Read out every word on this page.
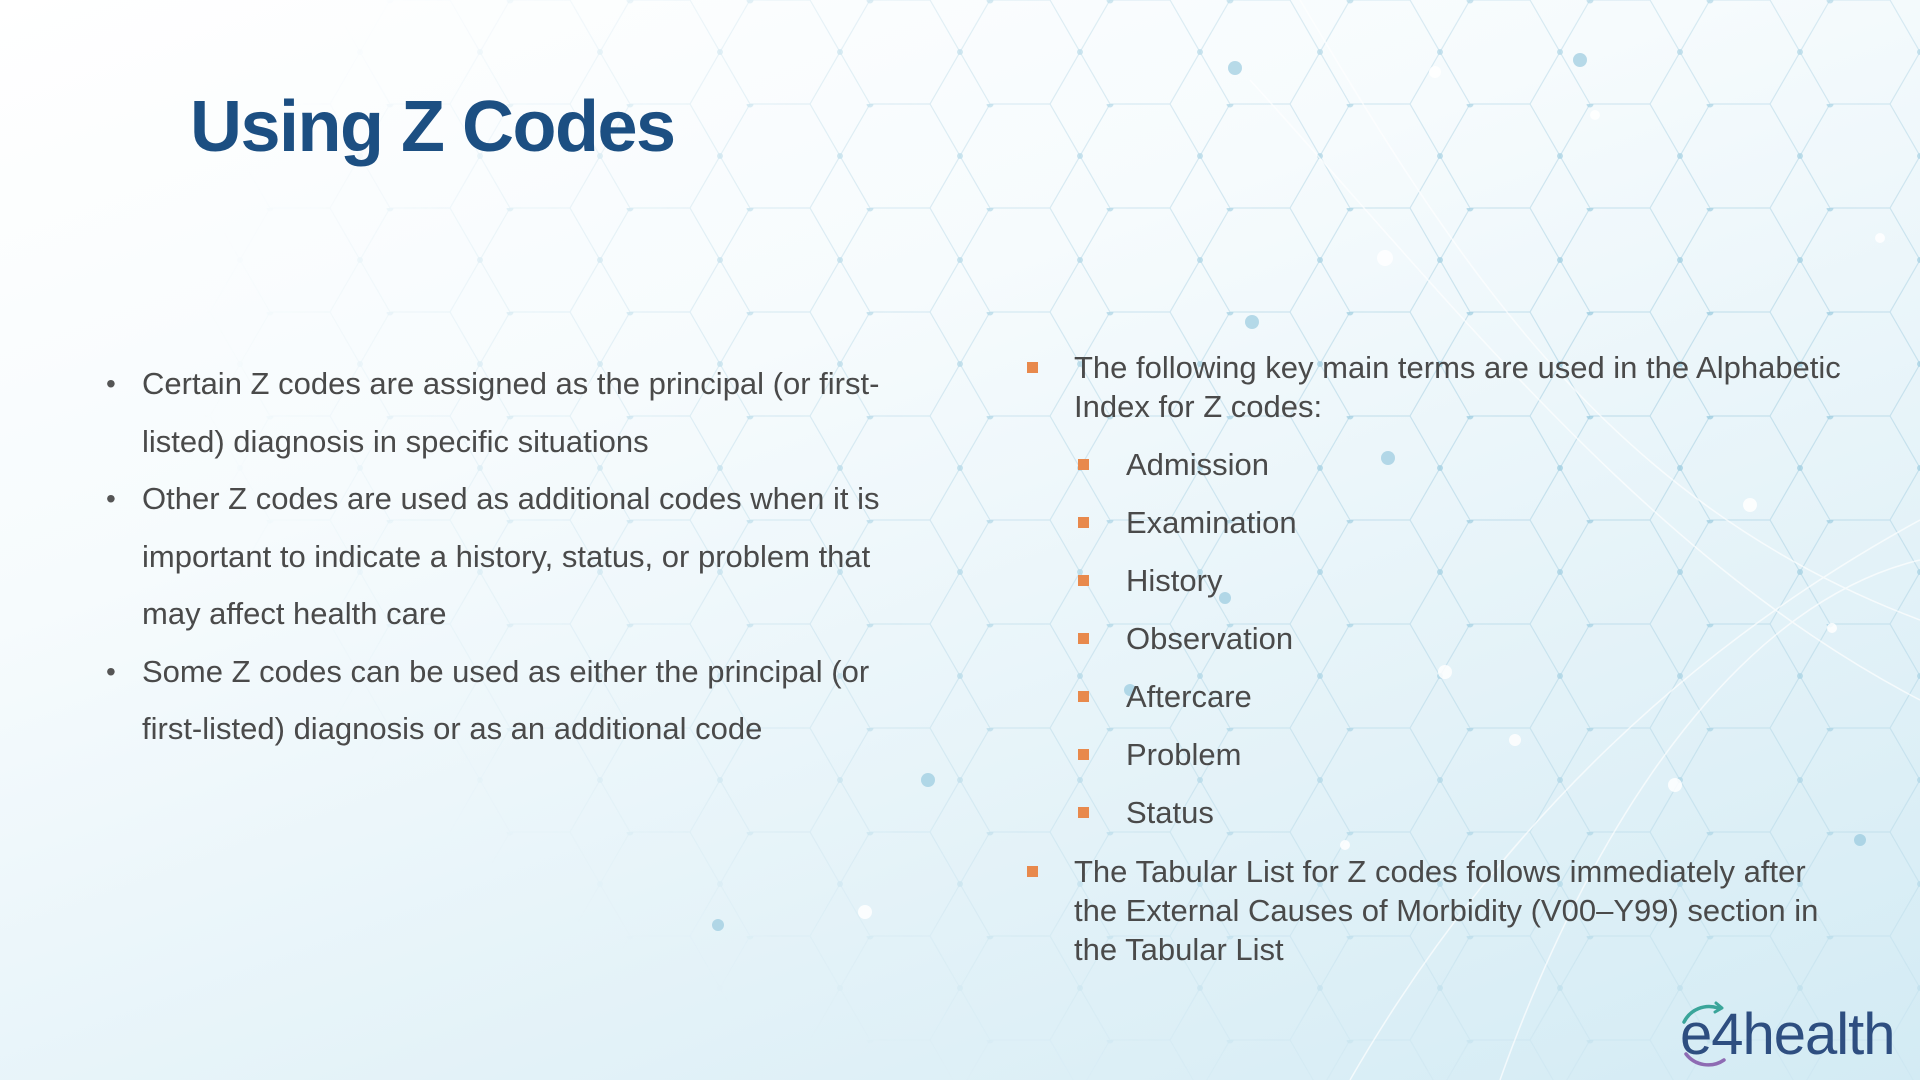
Using Z Codes
• Certain Z codes are assigned as the principal (or first-listed) diagnosis in specific situations
• Other Z codes are used as additional codes when it is important to indicate a history, status, or problem that may affect health care
• Some Z codes can be used as either the principal (or first-listed) diagnosis or as an additional code
The following key main terms are used in the Alphabetic Index for Z codes:
Admission
Examination
History
Observation
Aftercare
Problem
Status
The Tabular List for Z codes follows immediately after the External Causes of Morbidity (V00–Y99) section in the Tabular List
e4health
